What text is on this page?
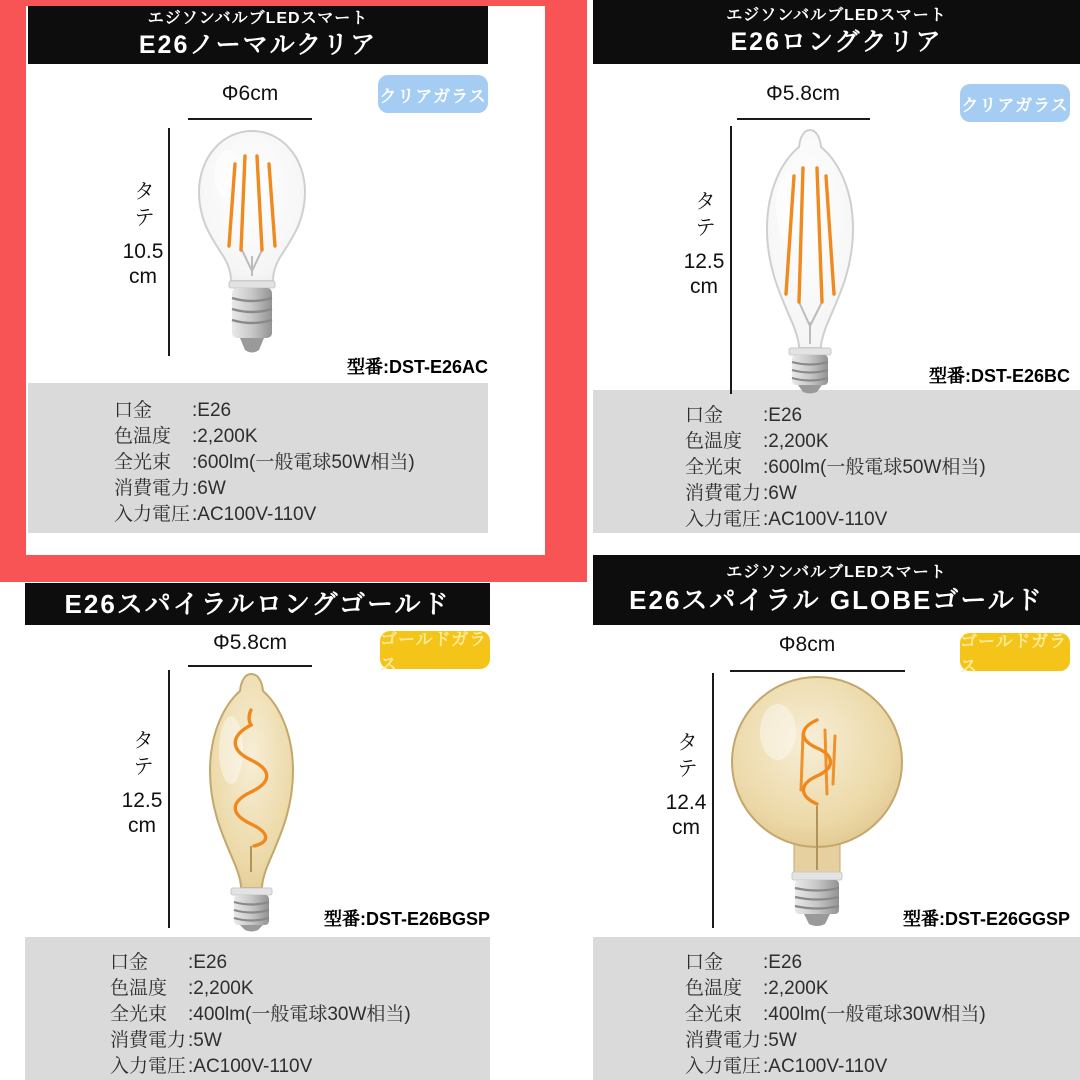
エジソンバルブLEDスマート
E26ノーマルクリア
Φ6cm	クリアガラス
タテ
10.5
cm
型番:DST-E26AC
口金 :E26
色温度 :2,200K
全光束 :600lm(一般電球50W相当)
消費電力 :6W
入力電圧 :AC100V-110V
エジソンバルブLEDスマート
E26ロングクリア
Φ5.8cm	クリアガラス
タテ
12.5
cm
型番:DST-E26BC
口金 :E26
色温度 :2,200K
全光束 :600lm(一般電球50W相当)
消費電力 :6W
入力電圧 :AC100V-110V
E26スパイラルロングゴールド
Φ5.8cm	ゴールドガラス
タテ
12.5
cm
型番:DST-E26BGSP
口金 :E26
色温度 :2,200K
全光束 :400lm(一般電球30W相当)
消費電力 :5W
入力電圧 :AC100V-110V
エジソンバルブLEDスマート
E26スパイラル GLOBEゴールド
Φ8cm	ゴールドガラス
タテ
12.4
cm
型番:DST-E26GGSP
口金 :E26
色温度 :2,200K
全光束 :400lm(一般電球30W相当)
消費電力 :5W
入力電圧 :AC100V-110V
